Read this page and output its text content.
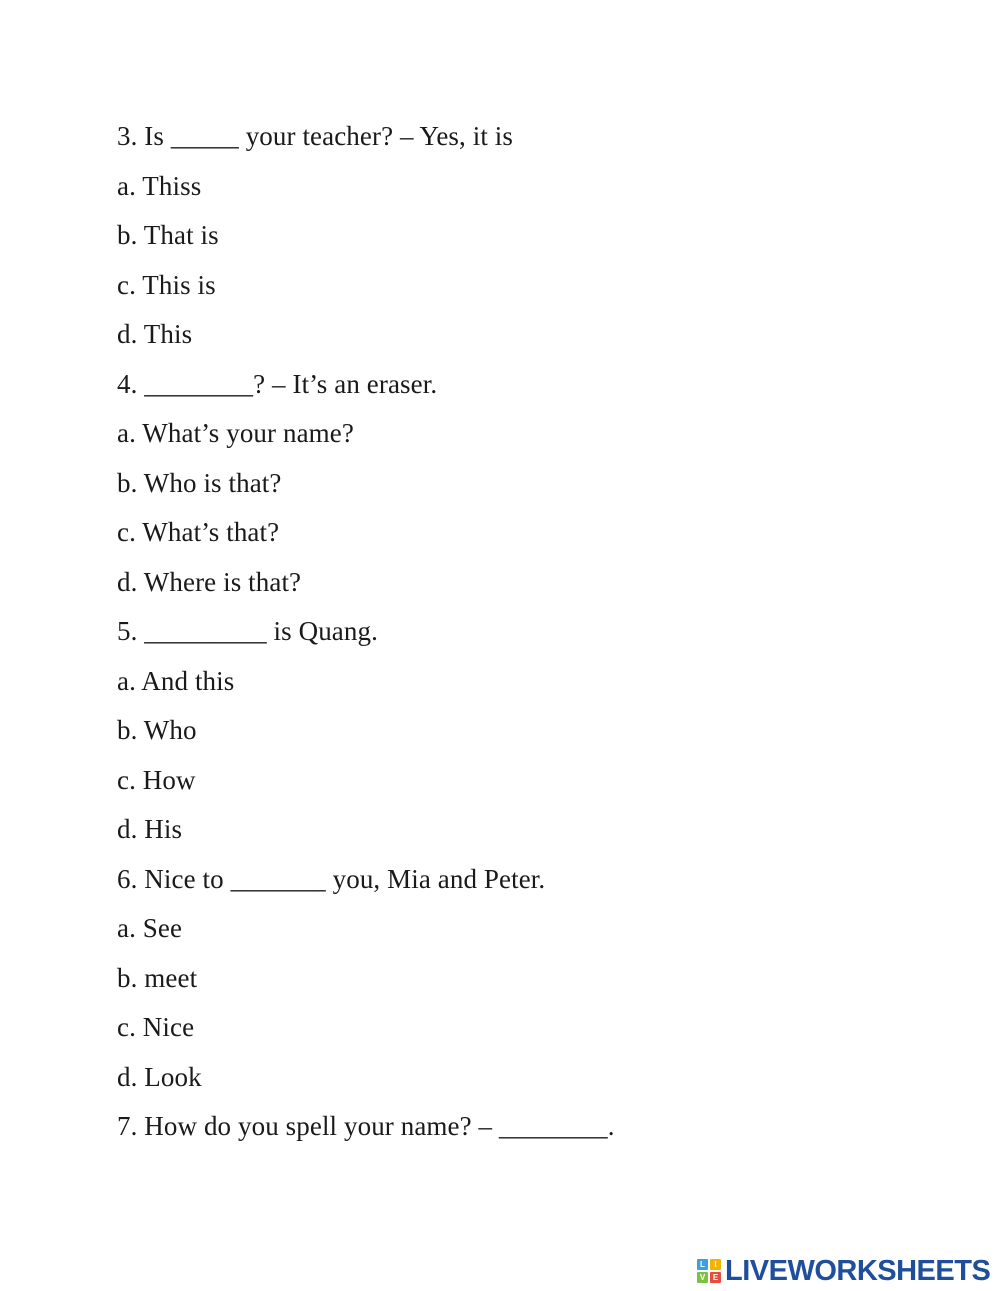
3. Is _____ your teacher? – Yes, it is
a. Thiss
b. That is
c. This is
d. This
4. ________? – It’s an eraser.
a. What’s your name?
b. Who is that?
c. What’s that?
d. Where is that?
5. _________ is Quang.
a. And this
b. Who
c. How
d. His
6. Nice to _______ you, Mia and Peter.
a. See
b. meet
c. Nice
d. Look
7. How do you spell your name? – ________.
L	I
V E LIVEWORKSHEETS
